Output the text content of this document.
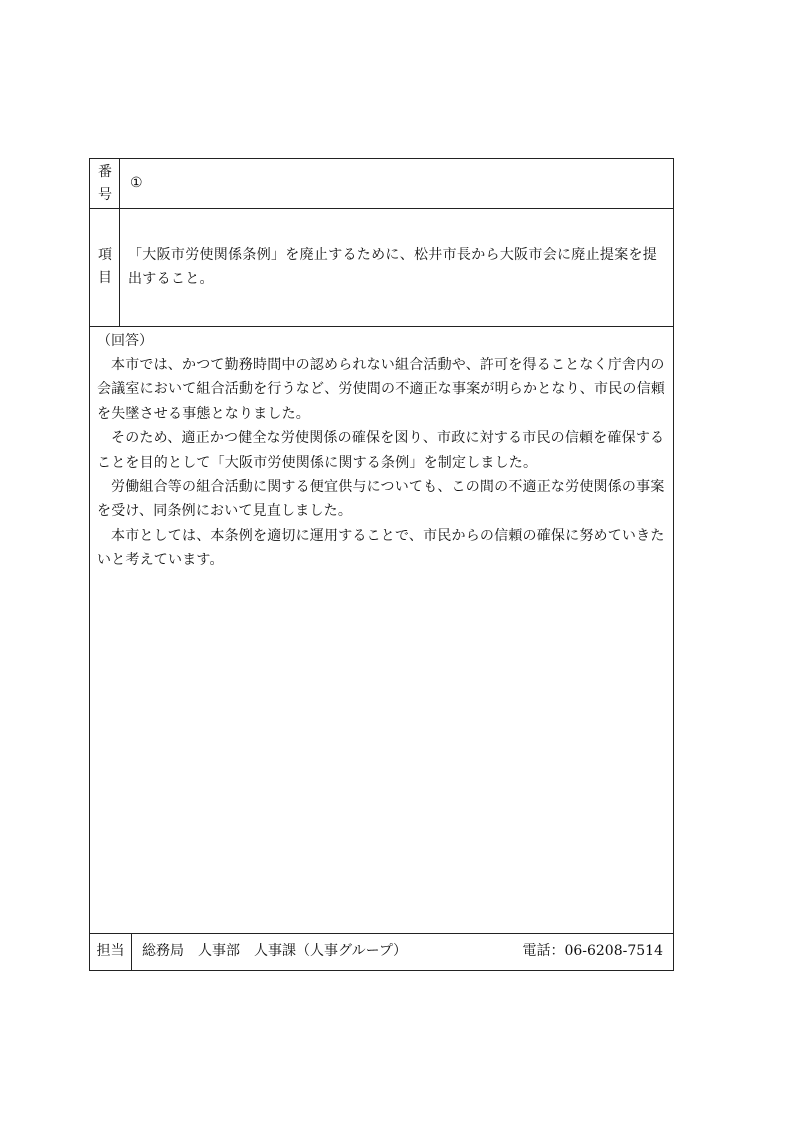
番
号
①
項
目
「大阪市労使関係条例」を廃止するために、松井市長から大阪市会に廃止提案を提出すること。
（回答）

本市では、かつて勤務時間中の認められない組合活動や、許可を得ることなく庁舎内の会議室において組合活動を行うなど、労使間の不適正な事案が明らかとなり、市民の信頼を失墜させる事態となりました。

そのため、適正かつ健全な労使関係の確保を図り、市政に対する市民の信頼を確保することを目的として「大阪市労使関係に関する条例」を制定しました。

労働組合等の組合活動に関する便宜供与についても、この間の不適正な労使関係の事案を受け、同条例において見直しました。

本市としては、本条例を適切に運用することで、市民からの信頼の確保に努めていきたいと考えています。

担当	総務局　人事部　人事課（人事グループ）	電話：06-6208-7514
